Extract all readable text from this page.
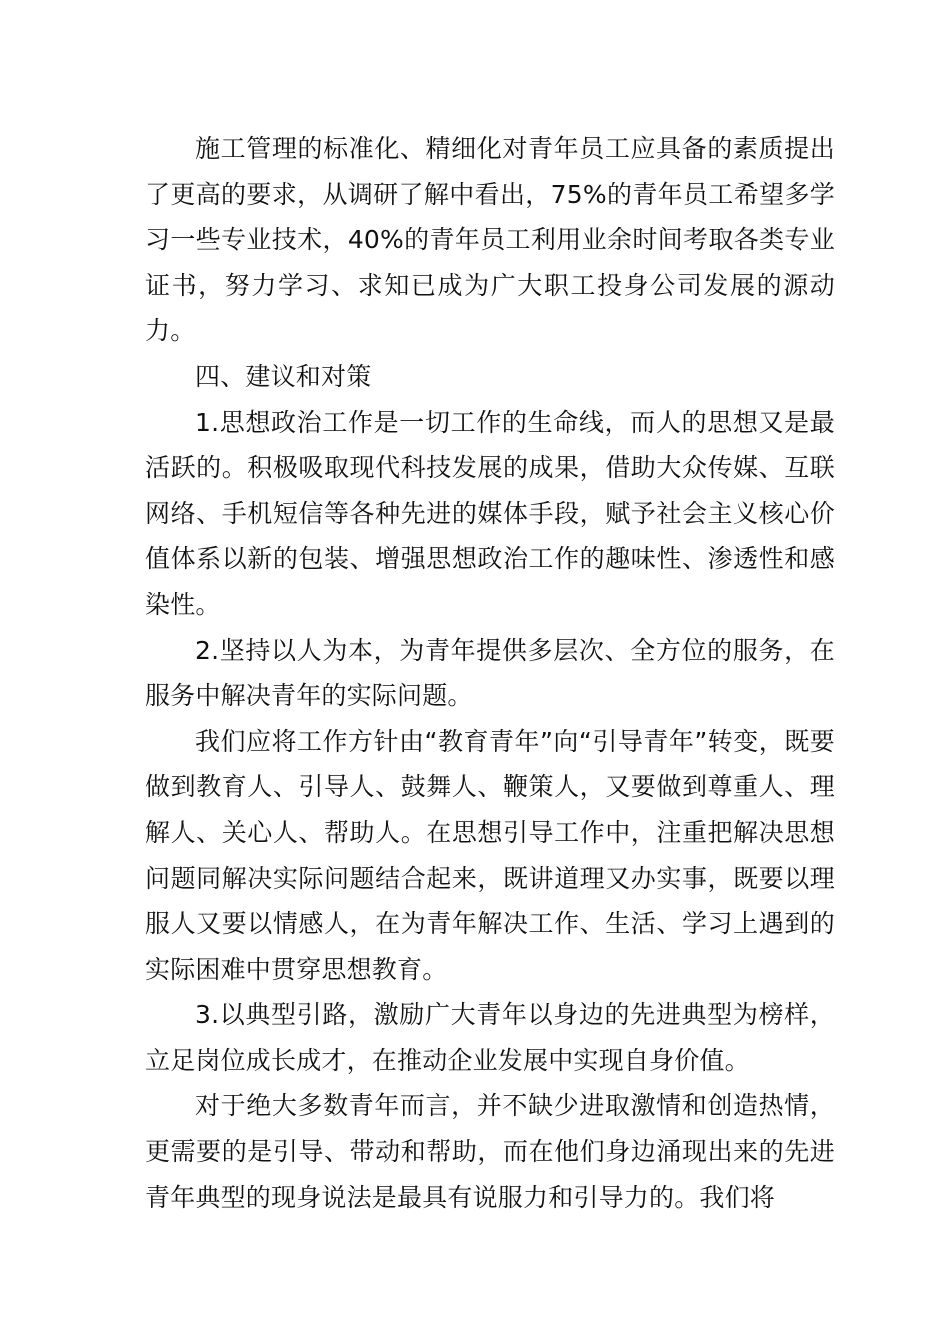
施工管理的标准化、精细化对青年员工应具备的素质提出了更高的要求，从调研了解中看出，75%的青年员工希望多学习一些专业技术，40%的青年员工利用业余时间考取各类专业证书，努力学习、求知已成为广大职工投身公司发展的源动力。

四、建议和对策

1.思想政治工作是一切工作的生命线，而人的思想又是最活跃的。积极吸取现代科技发展的成果，借助大众传媒、互联网络、手机短信等各种先进的媒体手段，赋予社会主义核心价值体系以新的包装、增强思想政治工作的趣味性、渗透性和感染性。

2.坚持以人为本，为青年提供多层次、全方位的服务，在服务中解决青年的实际问题。

我们应将工作方针由“教育青年”向“引导青年”转变，既要做到教育人、引导人、鼓舞人、鞭策人，又要做到尊重人、理解人、关心人、帮助人。在思想引导工作中，注重把解决思想问题同解决实际问题结合起来，既讲道理又办实事，既要以理服人又要以情感人，在为青年解决工作、生活、学习上遇到的实际困难中贯穿思想教育。

3.以典型引路，激励广大青年以身边的先进典型为榜样，立足岗位成长成才，在推动企业发展中实现自身价值。

对于绝大多数青年而言，并不缺少进取激情和创造热情，更需要的是引导、带动和帮助，而在他们身边涌现出来的先进青年典型的现身说法是最具有说服力和引导力的。我们将
